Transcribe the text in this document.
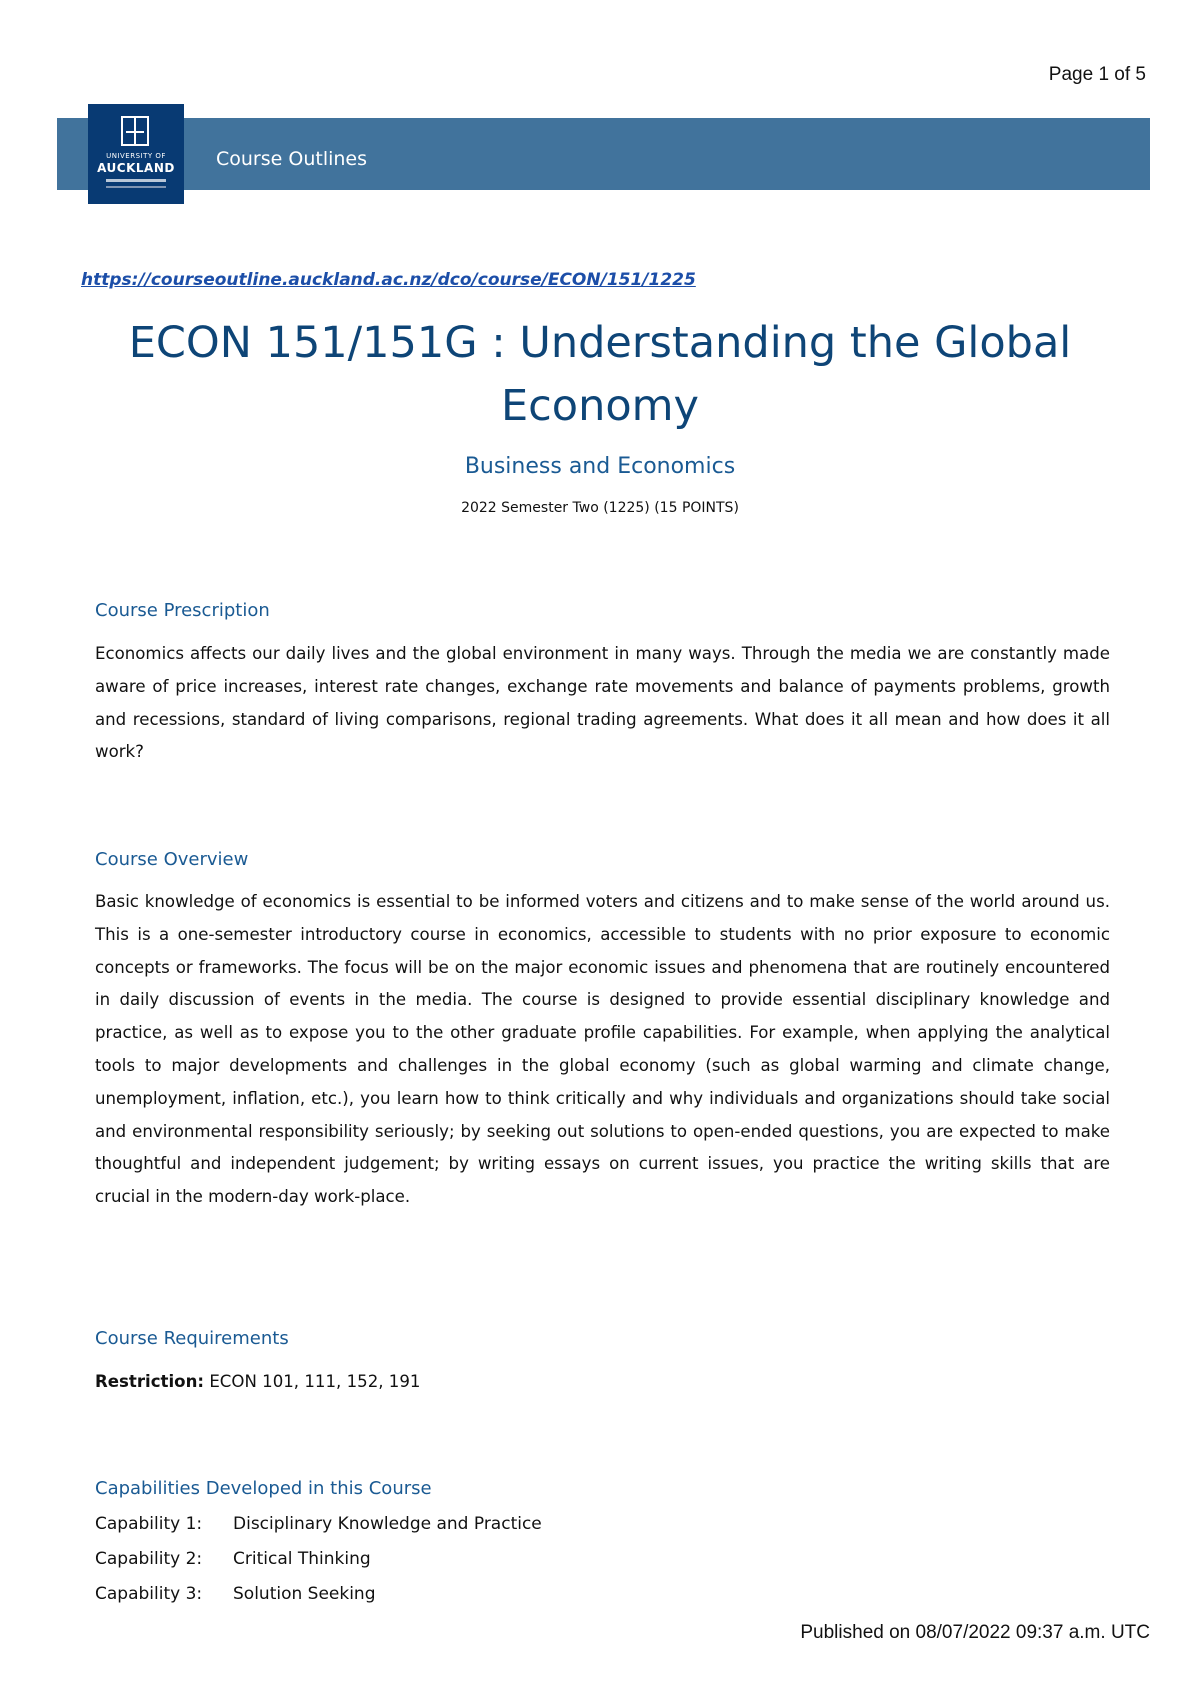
Page 1 of 5
UNIVERSITY OF
AUCKLAND	Course Outlines
https://courseoutline.auckland.ac.nz/dco/course/ECON/151/1225
ECON 151/151G : Understanding the Global
Economy
Business and Economics
2022 Semester Two (1225) (15 POINTS)
Course Prescription
Economics affects our daily lives and the global environment in many ways. Through the media we are constantly made aware of price increases, interest rate changes, exchange rate movements and balance of payments problems, growth and recessions, standard of living comparisons, regional trading agreements. What does it all mean and how does it all work?
Course Overview
Basic knowledge of economics is essential to be informed voters and citizens and to make sense of the world around us. This is a one-semester introductory course in economics, accessible to students with no prior exposure to economic concepts or frameworks. The focus will be on the major economic issues and phenomena that are routinely encountered in daily discussion of events in the media. The course is designed to provide essential disciplinary knowledge and practice, as well as to expose you to the other graduate profile capabilities. For example, when applying the analytical tools to major developments and challenges in the global economy (such as global warming and climate change, unemployment, inflation, etc.), you learn how to think critically and why individuals and organizations should take social and environmental responsibility seriously; by seeking out solutions to open-ended questions, you are expected to make thoughtful and independent judgement; by writing essays on current issues, you practice the writing skills that are crucial in the modern-day work-place.
Course Requirements
Restriction: ECON 101, 111, 152, 191
Capabilities Developed in this Course
Capability 1: Disciplinary Knowledge and Practice
Capability 2: Critical Thinking
Capability 3: Solution Seeking
Published on 08/07/2022 09:37 a.m. UTC
